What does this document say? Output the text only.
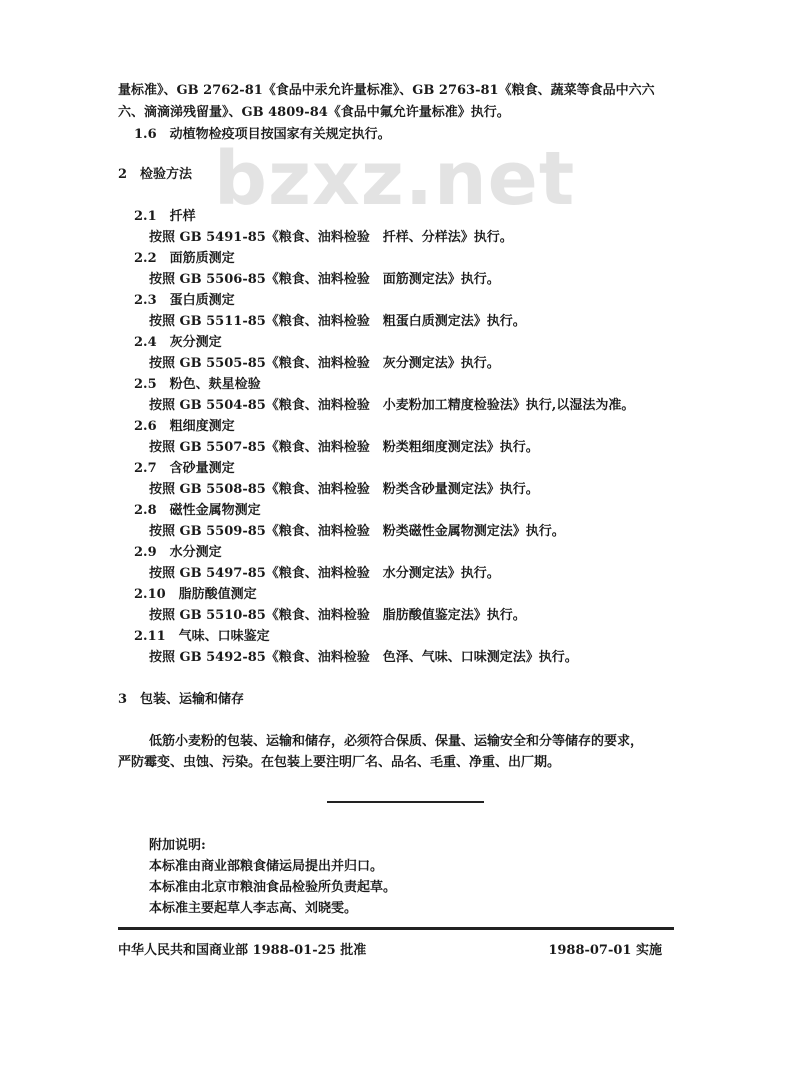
bzxz.net
量标准》、GB 2762-81《食品中汞允许量标准》、GB 2763-81《粮食、蔬菜等食品中六六
六、滴滴涕残留量》、GB 4809-84《食品中氟允许量标准》执行。
1.6　动植物检疫项目按国家有关规定执行。
2　检验方法
2.1　扦样
按照 GB 5491-85《粮食、油料检验　扦样、分样法》执行。
2.2　面筋质测定
按照 GB 5506-85《粮食、油料检验　面筋测定法》执行。
2.3　蛋白质测定
按照 GB 5511-85《粮食、油料检验　粗蛋白质测定法》执行。
2.4　灰分测定
按照 GB 5505-85《粮食、油料检验　灰分测定法》执行。
2.5　粉色、麸星检验
按照 GB 5504-85《粮食、油料检验　小麦粉加工精度检验法》执行,以湿法为准。
2.6　粗细度测定
按照 GB 5507-85《粮食、油料检验　粉类粗细度测定法》执行。
2.7　含砂量测定
按照 GB 5508-85《粮食、油料检验　粉类含砂量测定法》执行。
2.8　磁性金属物测定
按照 GB 5509-85《粮食、油料检验　粉类磁性金属物测定法》执行。
2.9　水分测定
按照 GB 5497-85《粮食、油料检验　水分测定法》执行。
2.10　脂肪酸值测定
按照 GB 5510-85《粮食、油料检验　脂肪酸值鉴定法》执行。
2.11　气味、口味鉴定
按照 GB 5492-85《粮食、油料检验　色泽、气味、口味测定法》执行。
3　包装、运输和储存
低筋小麦粉的包装、运输和储存，必须符合保质、保量、运输安全和分等储存的要求，
严防霉变、虫蚀、污染。在包装上要注明厂名、品名、毛重、净重、出厂期。
附加说明:
本标准由商业部粮食储运局提出并归口。
本标准由北京市粮油食品检验所负责起草。
本标准主要起草人李志高、刘晓雯。
中华人民共和国商业部 1988-01-25 批准	1988-07-01 实施
